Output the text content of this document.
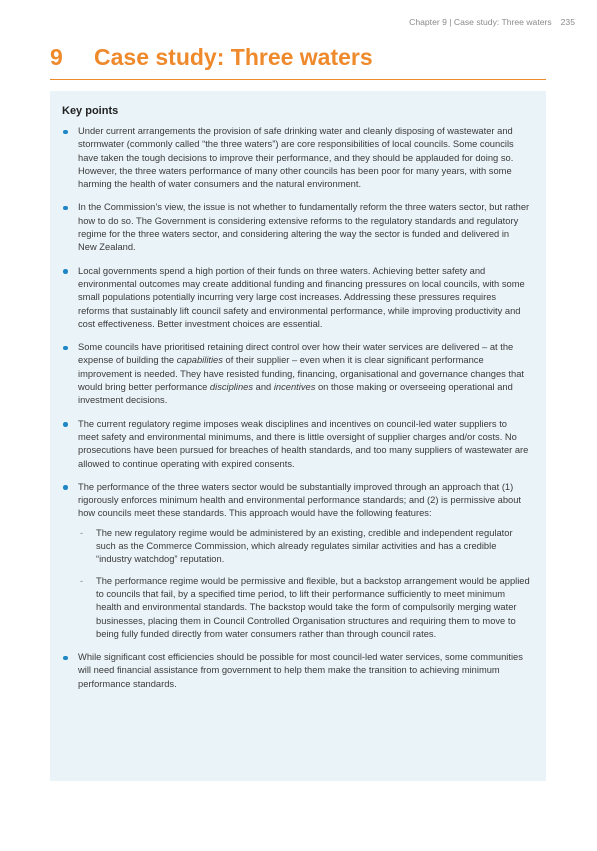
Chapter 9 | Case study: Three waters 235
9 Case study: Three waters
Key points
Under current arrangements the provision of safe drinking water and cleanly disposing of wastewater and stormwater (commonly called “the three waters”) are core responsibilities of local councils. Some councils have taken the tough decisions to improve their performance, and they should be applauded for doing so. However, the three waters performance of many other councils has been poor for many years, with some harming the health of water consumers and the natural environment.
In the Commission’s view, the issue is not whether to fundamentally reform the three waters sector, but rather how to do so. The Government is considering extensive reforms to the regulatory standards and regulatory regime for the three waters sector, and considering altering the way the sector is funded and delivered in New Zealand.
Local governments spend a high portion of their funds on three waters. Achieving better safety and environmental outcomes may create additional funding and financing pressures on local councils, with some small populations potentially incurring very large cost increases. Addressing these pressures requires reforms that sustainably lift council safety and environmental performance, while improving productivity and cost effectiveness. Better investment choices are essential.
Some councils have prioritised retaining direct control over how their water services are delivered – at the expense of building the capabilities of their supplier – even when it is clear significant performance improvement is needed. They have resisted funding, financing, organisational and governance changes that would bring better performance disciplines and incentives on those making or overseeing operational and investment decisions.
The current regulatory regime imposes weak disciplines and incentives on council-led water suppliers to meet safety and environmental minimums, and there is little oversight of supplier charges and/or costs. No prosecutions have been pursued for breaches of health standards, and too many suppliers of wastewater are allowed to continue operating with expired consents.
The performance of the three waters sector would be substantially improved through an approach that (1) rigorously enforces minimum health and environmental performance standards; and (2) is permissive about how councils meet these standards. This approach would have the following features:
- The new regulatory regime would be administered by an existing, credible and independent regulator such as the Commerce Commission, which already regulates similar activities and has a credible “industry watchdog” reputation.
- The performance regime would be permissive and flexible, but a backstop arrangement would be applied to councils that fail, by a specified time period, to lift their performance sufficiently to meet minimum health and environmental standards. The backstop would take the form of compulsorily merging water businesses, placing them in Council Controlled Organisation structures and requiring them to move to being fully funded directly from water consumers rather than through council rates.
While significant cost efficiencies should be possible for most council-led water services, some communities will need financial assistance from government to help them make the transition to achieving minimum performance standards.
